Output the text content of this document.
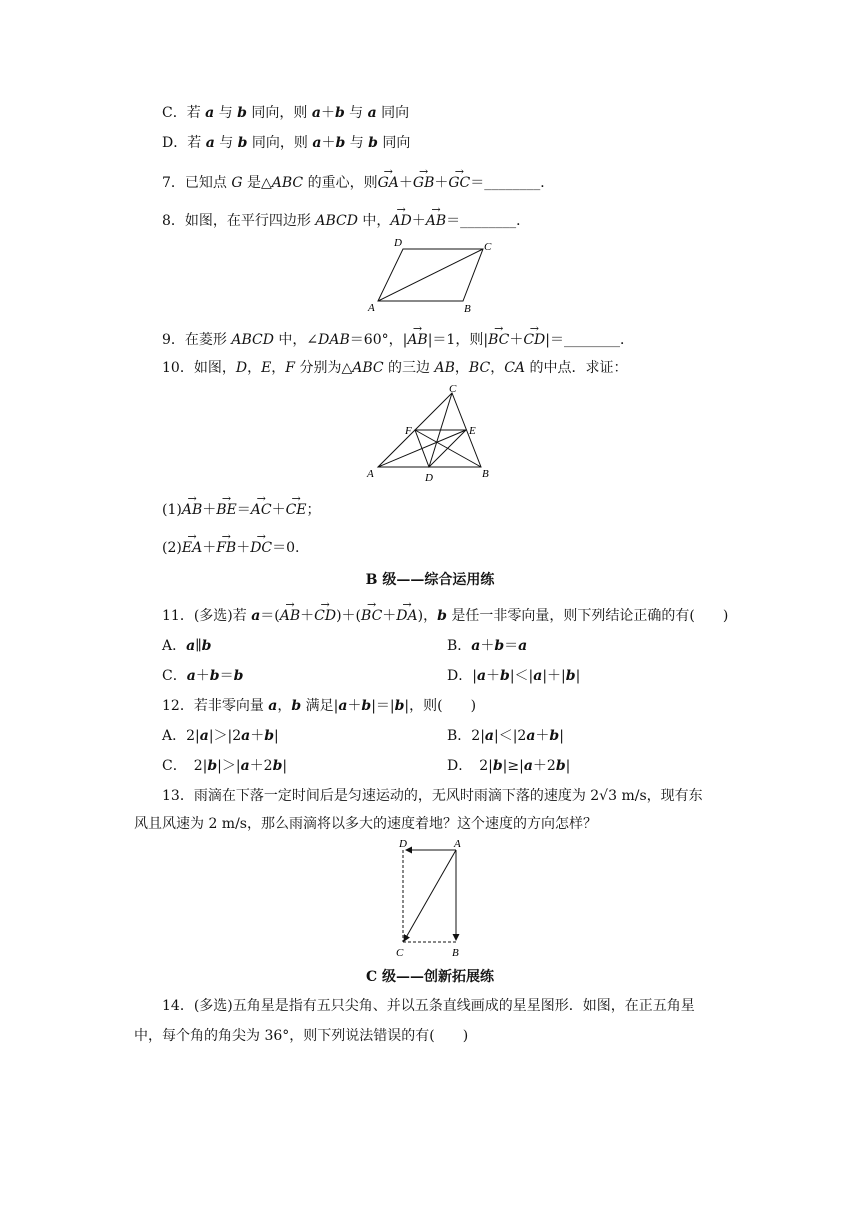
C．若 a 与 b 同向，则 a＋b 与 a 同向
D．若 a 与 b 同向，则 a＋b 与 b 同向
7．已知点 G 是△ABC 的重心，则→ GA＋→ GB＋→ GC＝________．
8．如图，在平行四边形 ABCD 中，→ AD＋→ AB＝________．
A	B
C
D
9．在菱形 ABCD 中，∠DAB＝60°，|→ AB|＝1，则|→ BC＋→ CD|＝________．
10．如图，D，E，F 分别为△ABC 的三边 AB，BC，CA 的中点．求证：
A	B
C
D
E
F
(1)→ AB＋→ BE＝→ AC＋→ CE；
(2)→ EA＋→ FB＋→ DC＝0.
B 级——综合运用练
11．(多选)若 a＝(→ AB＋→ CD)＋(→ BC＋→ DA)，b 是任一非零向量，则下列结论正确的有(　　)
A．a∥b	B．a＋b＝a
C．a＋b＝b	D．|a＋b|＜|a|＋|b|
12．若非零向量 a，b 满足|a＋b|＝|b|，则(　　)
A．2|a|＞|2a＋b|	B．2|a|＜|2a＋b|
C．　2|b|＞|a＋2b|	D．　2|b|≥|a＋2b|
13．雨滴在下落一定时间后是匀速运动的，无风时雨滴下落的速度为 2√3 m/s，现有东
风且风速为 2 m/s，那么雨滴将以多大的速度着地？这个速度的方向怎样？
A
B
C
D
C 级——创新拓展练
14．(多选)五角星是指有五只尖角、并以五条直线画成的星星图形．如图，在正五角星
中，每个角的角尖为 36°，则下列说法错误的有(　　)
